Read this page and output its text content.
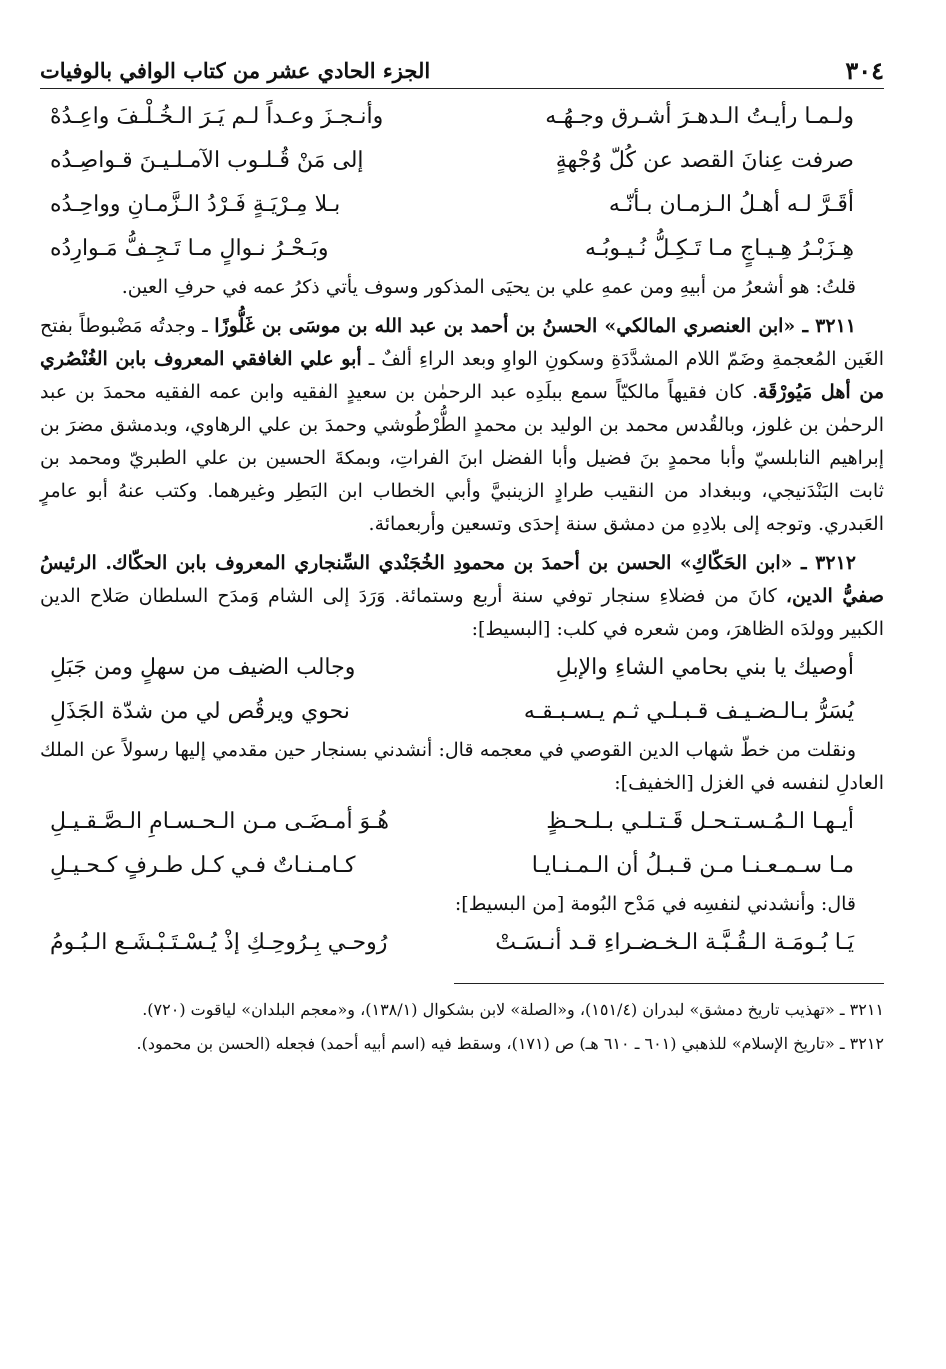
٣٠٤
الجزء الحادي عشر من كتاب الوافي بالوفيات
ولـمـا رأيـتُ الـدهـرَ أشـرق وجـهُـه
وأنـجـزَ وعـداً لـم يَـرَ الـخُـلْـفَ واعِـدُهْ
صرفت عِنانَ القصد عن كُلّ وُجْهةٍ
إلى مَنْ قُـلـوب الآمـلـيـنَ قـواصِـدُه
أقَـرَّ لـه أهـلُ الـزمـان بـأنّـه
بـلا مِـرْيَـةٍ فَـرْدُ الـزَّمـانِ وواحِـدُه
هِـزَبْـرُ هِـيـاجٍ مـا تَـكِـلُّ نُـيـوبُـه
وبَـحْـرُ نـوالٍ مـا تَـجِـفُّ مَـوارِدُه

قلتُ: هو أشعرُ من أبيهِ ومن عمهِ علي بن يحيَى المذكور وسوف يأتي ذكرُ عمه في حرفِ العين.

٣٢١١ ـ «ابن العنصري المالكي» الحسنُ بن أحمد بن عبد الله بن موسَى بن غَلُّوزًا ـ وجدتُه مَضْبوطاً بفتح الغَين المُعجمةِ وضَمّ اللام المشدَّدَةِ وسكونِ الواوِ وبعد الراءِ ألفٌ ـ أبو علي الغافقي المعروف بابن الغُنْصُري من أهل مَيُورْقَة. كان فقيهاً مالكيّاً سمع ببلَدِه عبد الرحمٰن بن سعيدٍ الفقيه وابن عمه الفقيه محمدَ بن عبد الرحمٰن بن غلوز، وبالقُدس محمد بن الوليد بن محمدٍ الطُّرْطُوشي وحمدَ بن علي الرهاوي، وبدمشق مضرَ بن إبراهيم النابلسيّ وأبا محمدٍ بنَ فضيل وأبا الفضل ابنَ الفراتِ، وبمكةَ الحسين بن علي الطبريّ ومحمد بن ثابت البَنْدَنيجي، وببغداد من النقيب طرادٍ الزينبيَّ وأبي الخطاب ابن البَطِر وغيرهما. وكتب عنهُ أبو عامرٍ العَبدري. وتوجه إلى بلادِهِ من دمشق سنة إحدَى وتسعين وأربعمائة.

٣٢١٢ ـ «ابن الحَكّاكِ» الحسن بن أحمدَ بن محمودِ الخُجَنْدي السِّنجاري المعروف بابن الحكّاك. الرئيسُ صفيُّ الدين، كانَ من فضلاءِ سنجار توفي سنة أربع وستمائة. وَرَدَ إلى الشام وَمدَح السلطان صَلاح الدين الكبير وولدَه الظاهرَ، ومن شعره في كلب: [البسيط]:

أوصيك يا بني بحامي الشاءِ والإبلِ
وجالب الضيف من سهلٍ ومن جَبَلِ
يُسَرُّ بـالـضـيـف قـبـلـي ثـم يـسـبـقـه
نحوي ويرقُص لي من شدّة الجَذَلِ

ونقلت من خطّ شهاب الدين القوصي في معجمه قال: أنشدني بسنجار حين مقدمي إليها رسولاً عن الملك العادلِ لنفسه في الغزل [الخفيف]:

أيـهـا الـمُـسـتـحـل قَـتـلـي بـلـحـظٍ
هُـوَ أمـضَـى مـن الـحـسـامِ الـصَّـقـيـلِ
مـا سـمـعـنـا مـن قـبـلُ أن الـمـنـايـا
كـامـنـاتٌ فـي كـل طـرفٍ كـحـيـلِ

قال: وأنشدني لنفسِه في مَدْح البُومة [من البسيط]:

يَـا بُـومَـة الـقُـبَّـة الـخـضـراءِ قـد أنـسَـتْ
رُوحـي بِـرُوحِـكِ إذْ يُـسْـتَـبْـشَـع الـبُـومُ
٣٢١١ ـ «تهذيب تاريخ دمشق» لبدران (١٥١/٤)، و«الصلة» لابن بشكوال (١٣٨/١)، و«معجم البلدان» لياقوت (٧٢٠).
٣٢١٢ ـ «تاريخ الإسلام» للذهبي (٦٠١ ـ ٦١٠ هـ) ص (١٧١)، وسقط فيه (اسم أبيه أحمد) فجعله (الحسن بن محمود).
